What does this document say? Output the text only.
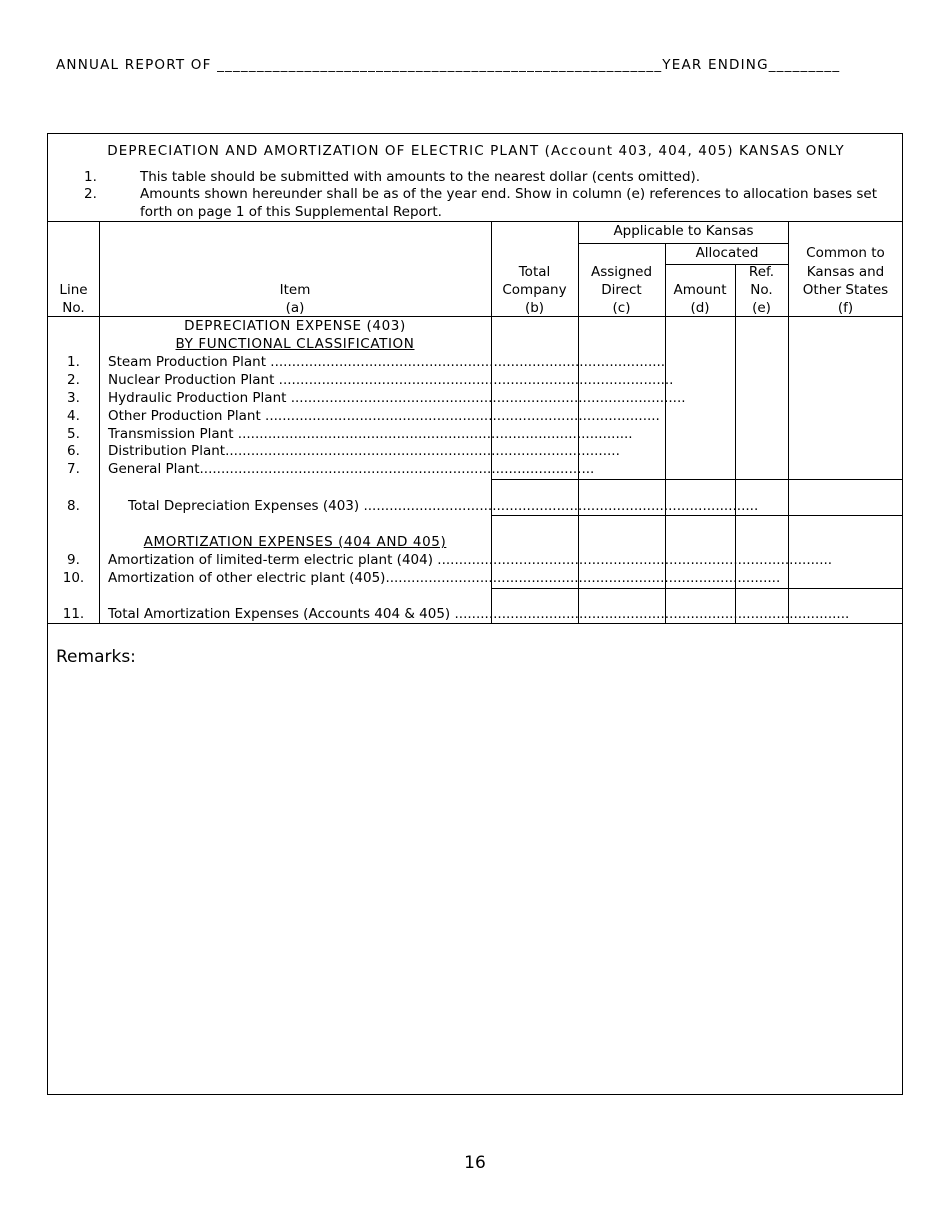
ANNUAL REPORT OF ________________________________________________________YEAR ENDING_________
DEPRECIATION AND AMORTIZATION OF ELECTRIC PLANT (Account 403, 404, 405) KANSAS ONLY
1.	This table should be submitted with amounts to the nearest dollar (cents omitted).
2.	Amounts shown hereunder shall be as of the year end. Show in column (e) references to allocation bases set
forth on page 1 of this Supplemental Report.
Line
No.
Item
(a)
Total
Company
(b)
Applicable to Kansas
Assigned
Direct
(c)
Allocated
Amount
(d)
Ref.
No.
(e)
Common to
Kansas and
Other States
(f)
DEPRECIATION EXPENSE (403)
BY FUNCTIONAL CLASSIFICATION
1.	Steam Production Plant ............................................................................................
2.	Nuclear Production Plant ............................................................................................
3.	Hydraulic Production Plant ............................................................................................
4.	Other Production Plant ............................................................................................
5.	Transmission Plant ............................................................................................
6.	Distribution Plant............................................................................................
7.	General Plant............................................................................................
8.	Total Depreciation Expenses (403) ............................................................................................
AMORTIZATION EXPENSES (404 AND 405)
9.	Amortization of limited-term electric plant (404) ............................................................................................
10.	Amortization of other electric plant (405)............................................................................................
11.	Total Amortization Expenses (Accounts 404 & 405) ............................................................................................
Remarks:
16
